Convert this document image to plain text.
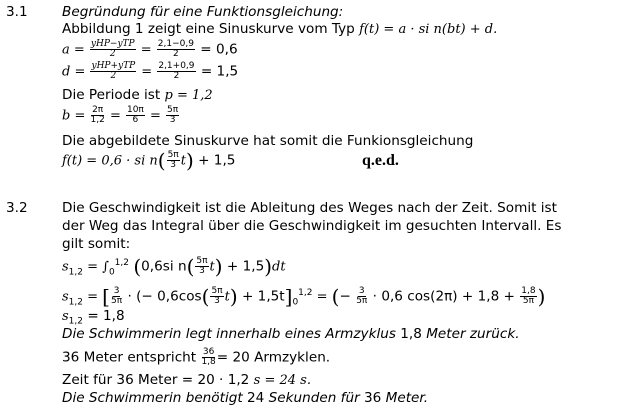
3.1	Begründung für eine Funktionsgleichung:
Abbildung 1 zeigt eine Sinuskurve vom Typ f(t) = a · si n(bt) + d.
a = yHP−yTP
$2 = \frac{2,1-0,9}{2} = 0,6$
d = yHP+yTP
$2 = \frac{2,1+0,9}{2} = 1,5$
Die Periode ist p = 1,2
$b = \frac{2\pi}{1,2} = \frac{10\pi}{6} = \frac{5\pi}{3}$
Die abgebildete Sinuskurve hat somit die Funkionsgleichung
f(t) = 0,6 · si $n( \frac{5\pi}{3} t) + 1,5$	q.e.d.
3.2	Die Geschwindigkeit ist die Ableitung des Weges nach der Zeit. Somit ist
der Weg das Integral über die Geschwindigkeit im gesuchten Intervall. Es
gilt somit:
$s_{1,2} = \int_0^{1,2}$ (0,6si $n( \frac{5\pi}{3} t) + 1,5)dt$
$s_{1,2}$ = [ $\frac{3}{5\pi}$ · (− $0,6\cos( \frac{5\pi}{3} t) + 1,5t]_0^{1,2}$ = (− $\frac{3}{5\pi} \cdot 0,6$ $\cos(2\pi) + 1,8 + \frac{1,8}{5\pi}$ )
$s_{1,2} = 1,8$
Die Schwimmerin legt innerhalb eines Armzyklus 1,8 Meter zurück.
36 Meter entspricht $\frac{36}{1,8} = 20$ Armzyklen.
Zeit für 36 Meter = 20 · 1,2 s = 24 s.
Die Schwimmerin benötigt 24 Sekunden für 36 Meter.
